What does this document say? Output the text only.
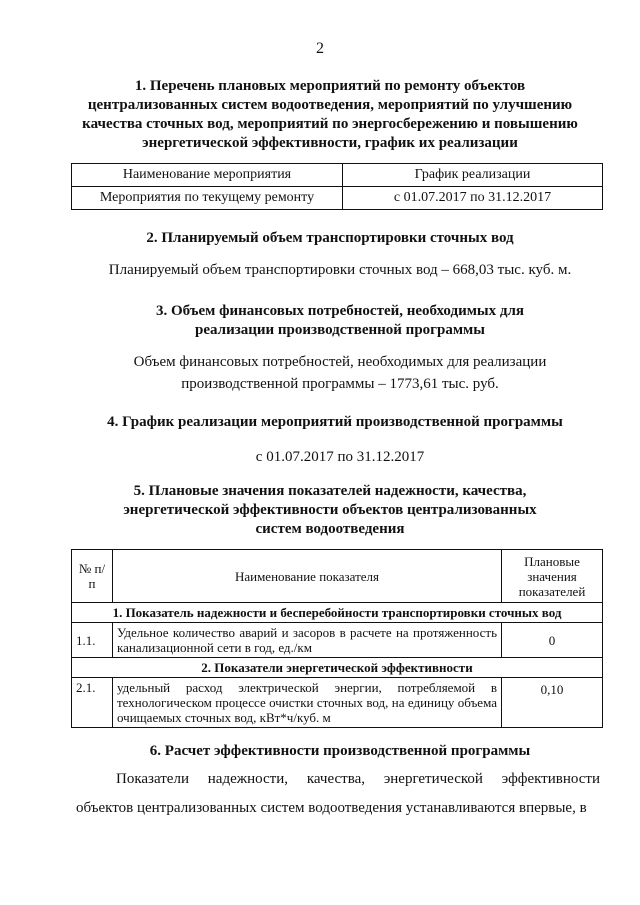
2
1. Перечень плановых мероприятий по ремонту объектов
централизованных систем водоотведения, мероприятий по улучшению
качества сточных вод, мероприятий по энергосбережению и повышению
энергетической эффективности, график их реализации
Наименование мероприятия	График реализации
Мероприятия по текущему ремонту	с 01.07.2017 по 31.12.2017
2. Планируемый объем транспортировки сточных вод
Планируемый объем транспортировки сточных вод – 668,03 тыс. куб. м.
3. Объем финансовых потребностей, необходимых для
реализации производственной программы
Объем финансовых потребностей, необходимых для реализации
производственной программы – 1773,61 тыс. руб.
4. График реализации мероприятий производственной программы
с 01.07.2017 по 31.12.2017
5. Плановые значения показателей надежности, качества,
энергетической эффективности объектов централизованных
систем водоотведения
№ п/п	Наименование показателя	Плановые значения показателей
1. Показатель надежности и бесперебойности транспортировки сточных вод		
1.1.	Удельное количество аварий и засоров в расчете на протяженность канализационной сети в год, ед./км	0
2. Показатели энергетической эффективности		
2.1.	удельный расход электрической энергии, потребляемой в технологическом процессе очистки сточных вод, на единицу объема очищаемых сточных вод, кВт*ч/куб. м	0,10
6. Расчет эффективности производственной программы
Показатели надежности, качества, энергетической эффективности
объектов централизованных систем водоотведения устанавливаются впервые, в
